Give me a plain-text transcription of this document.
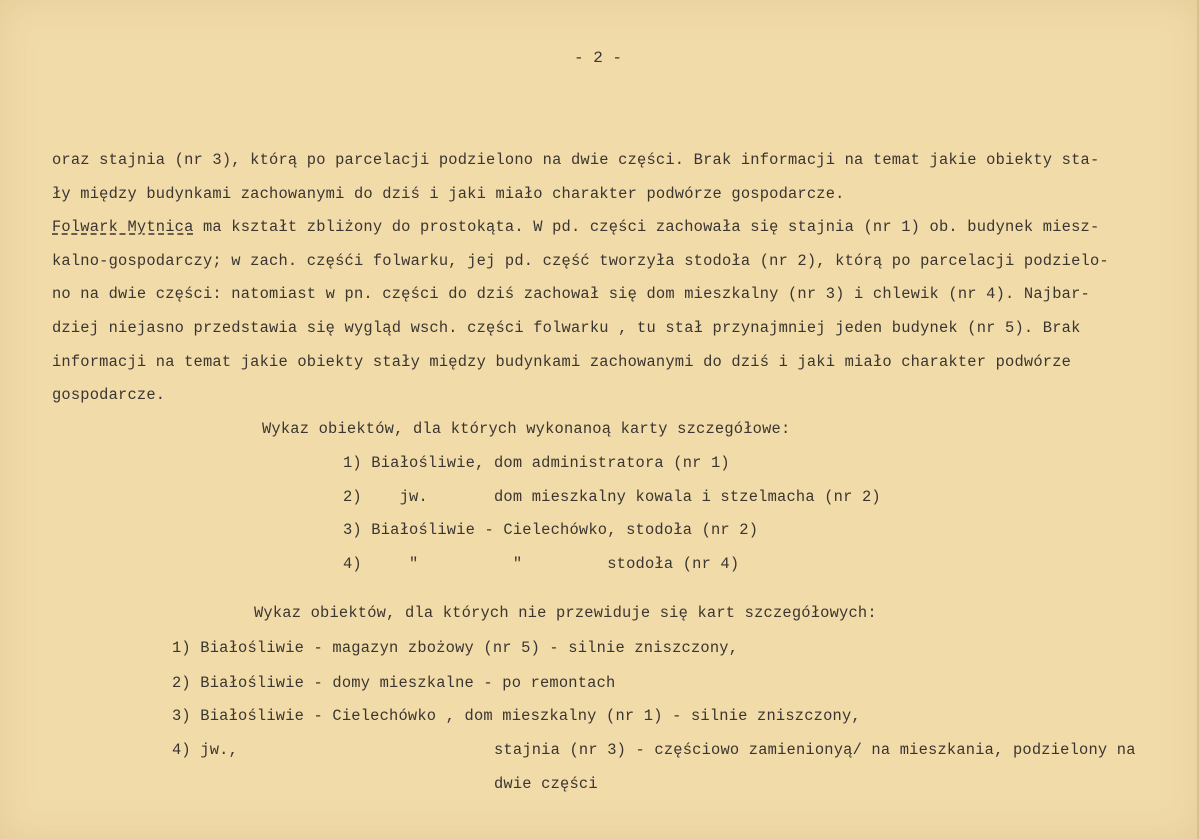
- 2 -
oraz stajnia (nr 3), którą po parcelacji podzielono na dwie części. Brak informacji na temat jakie obiekty sta-
ły między budynkami zachowanymi do dziś i jaki miało charakter podwórze gospodarcze.
Folwark Mytnica ma kształt zbliżony do prostokąta. W pd. części zachowała się stajnia (nr 1) ob. budynek miesz-
kalno-gospodarczy; w zach. częśći folwarku, jej pd. część tworzyła stodoła (nr 2), którą po parcelacji podzielo-
no na dwie części: natomiast w pn. części do dziś zachował się dom mieszkalny (nr 3) i chlewik (nr 4). Najbar-
dziej niejasno przedstawia się wygląd wsch. części folwarku , tu stał przynajmniej jeden budynek (nr 5). Brak
informacji na temat jakie obiekty stały między budynkami zachowanymi do dziś i jaki miało charakter podwórze
gospodarcze.
Wykaz obiektów, dla których wykonanoą karty szczegółowe:
1) Białośliwie, dom administratora (nr 1)
2)    jw.       dom mieszkalny kowala i stzelmacha (nr 2)
3) Białośliwie - Cielechówko, stodoła (nr 2)
4)     "          "         stodoła (nr 4)
Wykaz obiektów, dla których nie przewiduje się kart szczegółowych:
1) Białośliwie - magazyn zbożowy (nr 5) - silnie zniszczony,
2) Białośliwie - domy mieszkalne - po remontach
3) Białośliwie - Cielechówko , dom mieszkalny (nr 1) - silnie zniszczony,
4) jw.,	stajnia (nr 3) - częściowo zamienionyą/ na mieszkania, podzielony na
dwie części
